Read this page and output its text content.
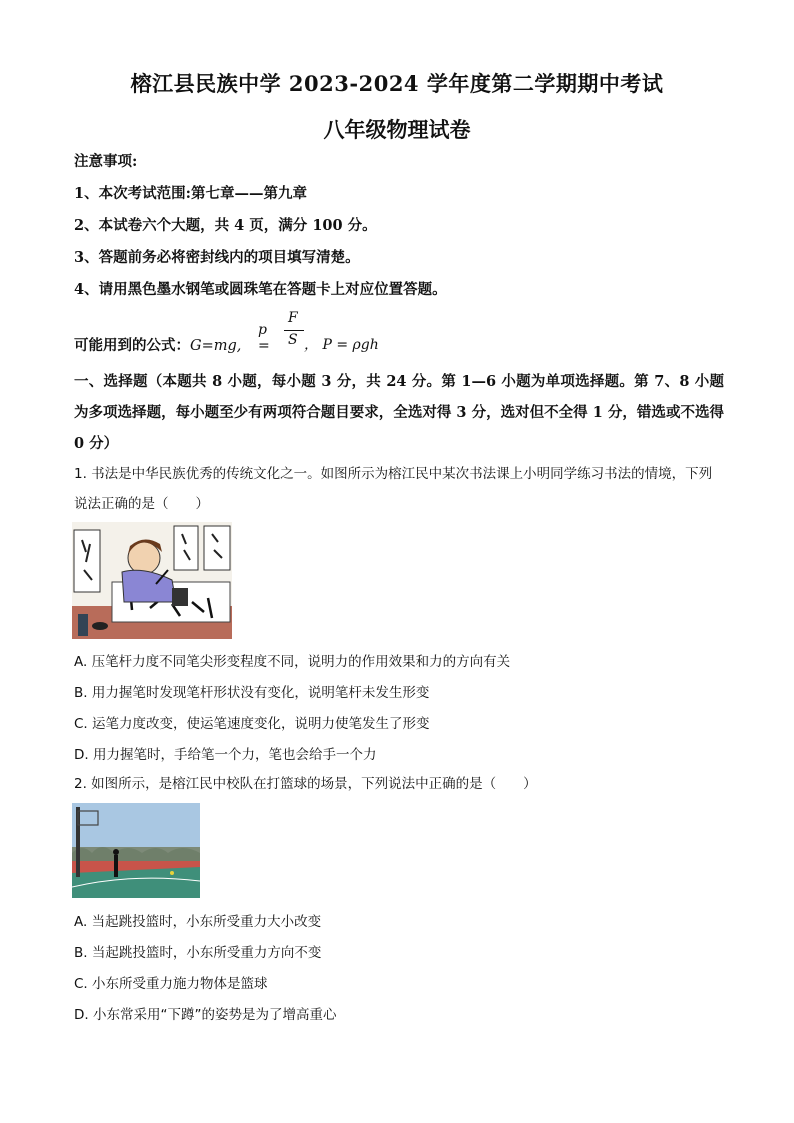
榕江县民族中学 2023-2024 学年度第二学期期中考试
八年级物理试卷
注意事项:
1、本次考试范围:第七章——第九章
2、本试卷六个大题，共 4 页，满分 100 分。
3、答题前务必将密封线内的项目填写清楚。
4、请用黑色墨水钢笔或圆珠笔在答题卡上对应位置答题。
可能用到的公式：G=mg,
p =
F
S ， P = ρgh
一、选择题（本题共 8 小题，每小题 3 分，共 24 分。第 1—6 小题为单项选择题。第 7、8 小题为多项选择题，每小题至少有两项符合题目要求，全选对得 3 分，选对但不全得 1 分，错选或不选得 0 分）
1. 书法是中华民族优秀的传统文化之一。如图所示为榕江民中某次书法课上小明同学练习书法的情境，下列说法正确的是（　　）
A. 压笔杆力度不同笔尖形变程度不同，说明力的作用效果和力的方向有关
B. 用力握笔时发现笔杆形状没有变化，说明笔杆未发生形变
C. 运笔力度改变，使运笔速度变化，说明力使笔发生了形变
D. 用力握笔时，手给笔一个力，笔也会给手一个力
2. 如图所示，是榕江民中校队在打篮球的场景，下列说法中正确的是（　　）
A. 当起跳投篮时，小东所受重力大小改变
B. 当起跳投篮时，小东所受重力方向不变
C. 小东所受重力施力物体是篮球
D. 小东常采用“下蹲”的姿势是为了增高重心
